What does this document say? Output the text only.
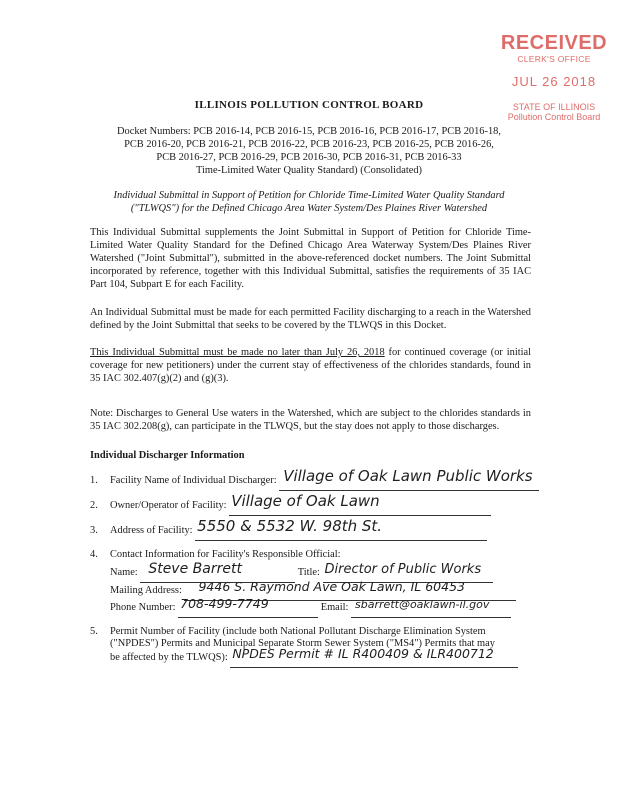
RECEIVED
CLERK'S OFFICE
JUL 26 2018
STATE OF ILLINOIS
Pollution Control Board
ILLINOIS POLLUTION CONTROL BOARD
Docket Numbers: PCB 2016-14, PCB 2016-15, PCB 2016-16, PCB 2016-17, PCB 2016-18,
PCB 2016-20, PCB 2016-21, PCB 2016-22, PCB 2016-23, PCB 2016-25, PCB 2016-26,
PCB 2016-27, PCB 2016-29, PCB 2016-30, PCB 2016-31, PCB 2016-33
Time-Limited Water Quality Standard) (Consolidated)
Individual Submittal in Support of Petition for Chloride Time-Limited Water Quality Standard
("TLWQS") for the Defined Chicago Area Water System/Des Plaines River Watershed
This Individual Submittal supplements the Joint Submittal in Support of Petition for Chloride Time-Limited Water Quality Standard for the Defined Chicago Area Waterway System/Des Plaines River Watershed ("Joint Submittal"), submitted in the above-referenced docket numbers. The Joint Submittal incorporated by reference, together with this Individual Submittal, satisfies the requirements of 35 IAC Part 104, Subpart E for each Facility.
An Individual Submittal must be made for each permitted Facility discharging to a reach in the Watershed defined by the Joint Submittal that seeks to be covered by the TLWQS in this Docket.
This Individual Submittal must be made no later than July 26, 2018 for continued coverage (or initial coverage for new petitioners) under the current stay of effectiveness of the chlorides standards, found in 35 IAC 302.407(g)(2) and (g)(3).
Note: Discharges to General Use waters in the Watershed, which are subject to the chlorides standards in 35 IAC 302.208(g), can participate in the TLWQS, but the stay does not apply to those discharges.
Individual Discharger Information
1. Facility Name of Individual Discharger: Village of Oak Lawn Public Works
2. Owner/Operator of Facility: Village of Oak Lawn
3. Address of Facility: 5550 & 5532 W. 98th St.
4. Contact Information for Facility's Responsible Official:
Name: Steve Barrett	Title: Director of Public Works
Mailing Address: 9446 S. Raymond Ave Oak Lawn, IL 60453
Phone Number: 708-499-7749	Email: sbarrett@oaklawn-il.gov
5. Permit Number of Facility (include both National Pollutant Discharge Elimination System
("NPDES") Permits and Municipal Separate Storm Sewer System ("MS4") Permits that may
be affected by the TLWQS): NPDES Permit # IL R400409 & ILR400712
